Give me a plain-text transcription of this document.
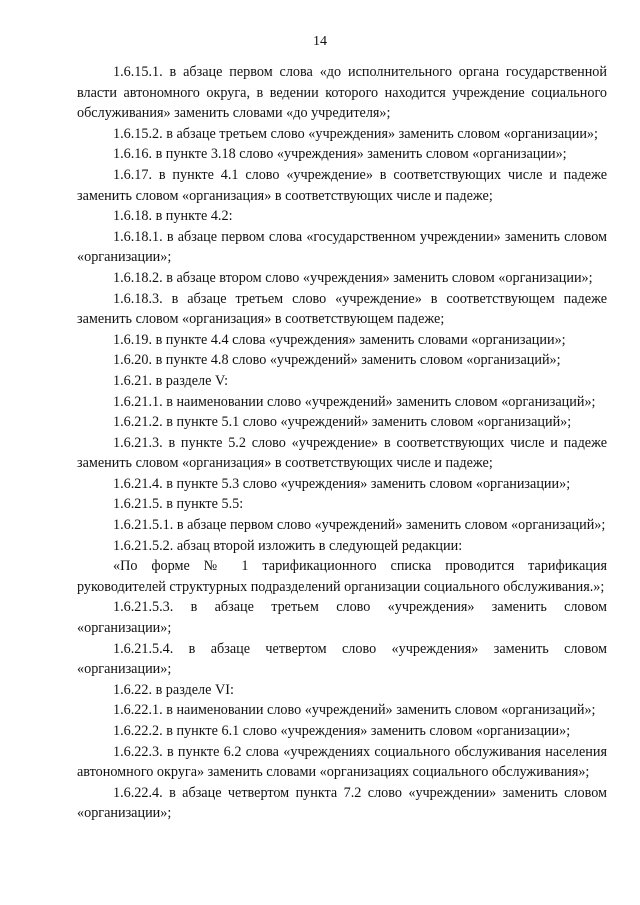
14

1.6.15.1. в абзаце первом слова «до исполнительного органа государственной власти автономного округа, в ведении которого находится учреждение социального обслуживания» заменить словами «до учредителя»;

1.6.15.2. в абзаце третьем слово «учреждения» заменить словом «организации»;

1.6.16. в пункте 3.18 слово «учреждения» заменить словом «организации»;

1.6.17. в пункте 4.1 слово «учреждение» в соответствующих числе и падеже заменить словом «организация» в соответствующих числе и падеже;

1.6.18. в пункте 4.2:

1.6.18.1. в абзаце первом слова «государственном учреждении» заменить словом «организации»;

1.6.18.2. в абзаце втором слово «учреждения» заменить словом «организации»;

1.6.18.3. в абзаце третьем слово «учреждение» в соответствующем падеже заменить словом «организация» в соответствующем падеже;

1.6.19. в пункте 4.4 слова «учреждения» заменить словами «организации»;

1.6.20. в пункте 4.8 слово «учреждений» заменить словом «организаций»;

1.6.21. в разделе V:

1.6.21.1. в наименовании слово «учреждений» заменить словом «организаций»;

1.6.21.2. в пункте 5.1 слово «учреждений» заменить словом «организаций»;

1.6.21.3. в пункте 5.2 слово «учреждение» в соответствующих числе и падеже заменить словом «организация» в соответствующих числе и падеже;

1.6.21.4. в пункте 5.3 слово «учреждения» заменить словом «организации»;

1.6.21.5. в пункте 5.5:

1.6.21.5.1. в абзаце первом слово «учреждений» заменить словом «организаций»;

1.6.21.5.2. абзац второй изложить в следующей редакции:

«По форме № 1 тарификационного списка проводится тарификация руководителей структурных подразделений организации социального обслуживания.»;

1.6.21.5.3. в абзаце третьем слово «учреждения» заменить словом «организации»;

1.6.21.5.4. в абзаце четвертом слово «учреждения» заменить словом «организации»;

1.6.22. в разделе VI:

1.6.22.1. в наименовании слово «учреждений» заменить словом «организаций»;

1.6.22.2. в пункте 6.1 слово «учреждения» заменить словом «организации»;

1.6.22.3. в пункте 6.2 слова «учреждениях социального обслуживания населения автономного округа» заменить словами «организациях социального обслуживания»;

1.6.22.4. в абзаце четвертом пункта 7.2 слово «учреждении» заменить словом «организации»;
